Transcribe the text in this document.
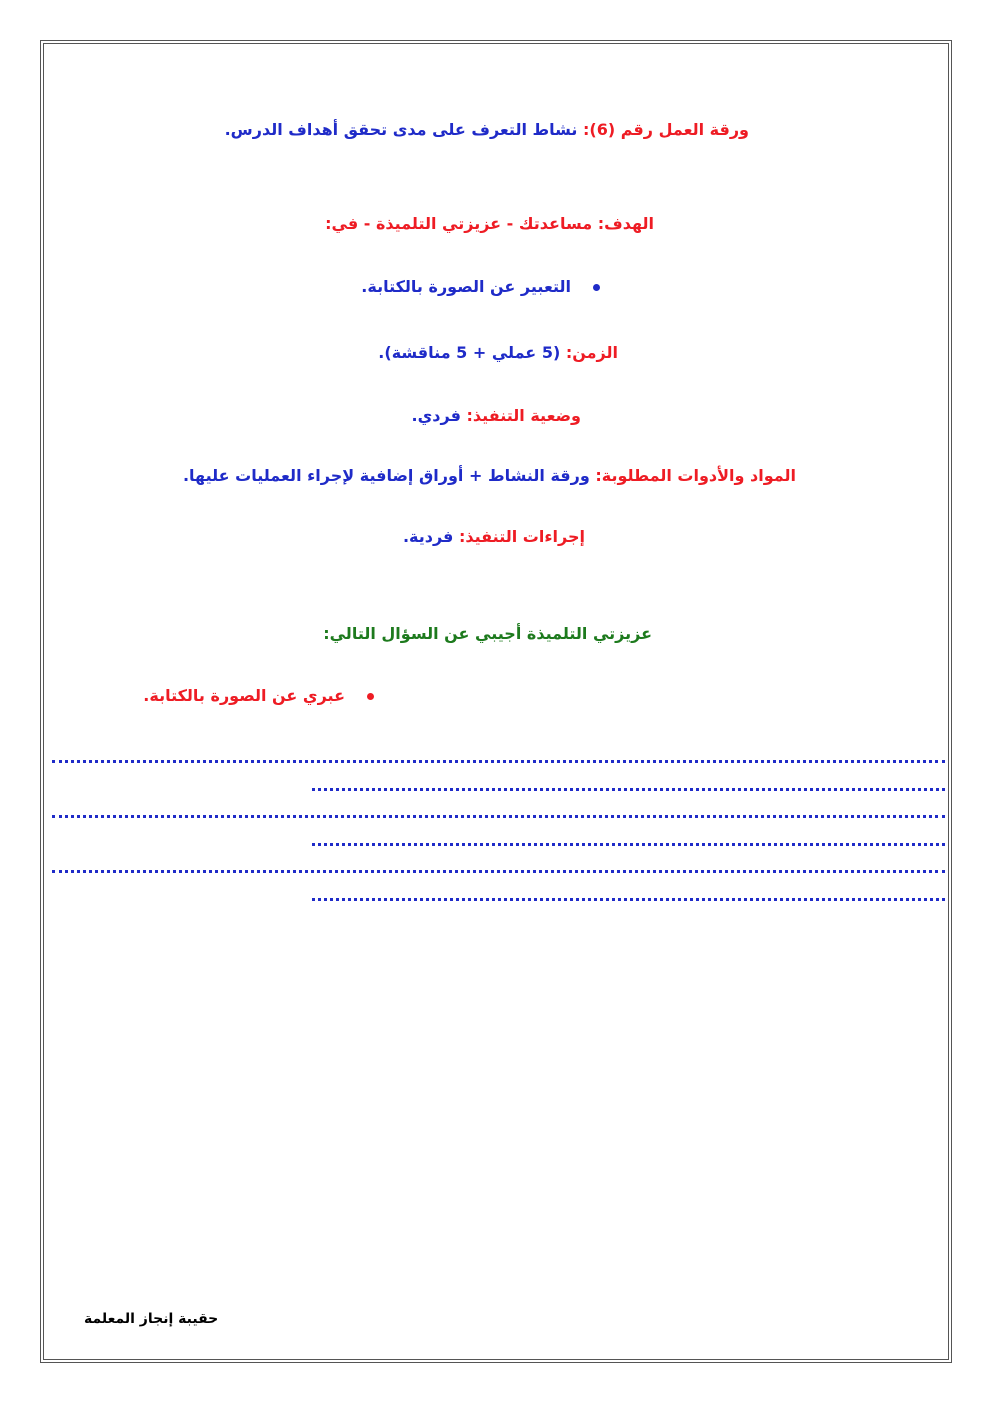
ورقة العمل رقم (6): نشاط التعرف على مدى تحقق أهداف الدرس.
الهدف: مساعدتك - عزيزتي التلميذة - في:
التعبير عن الصورة بالكتابة.
الزمن: (5 عملي + 5 مناقشة).
وضعية التنفيذ: فردي.
المواد والأدوات المطلوبة: ورقة النشاط + أوراق إضافية لإجراء العمليات عليها.
إجراءات التنفيذ: فردية.
عزيزتي التلميذة أجيبي عن السؤال التالي:
عبري عن الصورة بالكتابة.
حقيبة إنجاز المعلمة
